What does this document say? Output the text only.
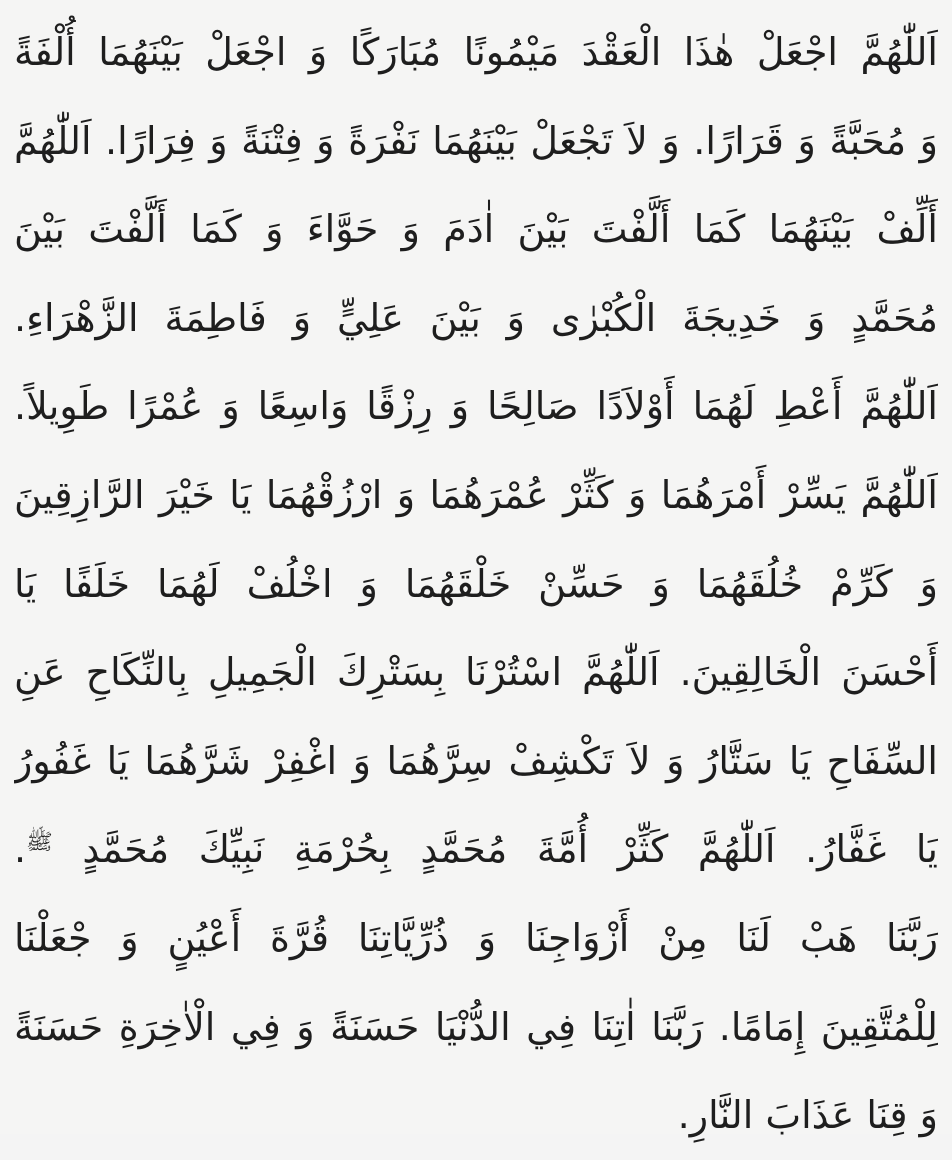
اَللّٰهُمَّ اجْعَلْ هٰذَا الْعَقْدَ مَيْمُونًا مُبَارَكًا وَ اجْعَلْ بَيْنَهُمَا أُلْفَةً
وَ مُحَبَّةً وَ قَرَارًا. وَ لاَ تَجْعَلْ بَيْنَهُمَا نَفْرَةً وَ فِتْنَةً وَ فِرَارًا. اَللّٰهُمَّ
أَلِّفْ بَيْنَهُمَا كَمَا أَلَّفْتَ بَيْنَ اٰدَمَ وَ حَوَّاءَ وَ كَمَا أَلَّفْتَ بَيْنَ
مُحَمَّدٍ وَ خَدِيجَةَ الْكُبْرٰى وَ بَيْنَ عَلِيٍّ وَ فَاطِمَةَ الزَّهْرَاءِ.
اَللّٰهُمَّ أَعْطِ لَهُمَا أَوْلاَدًا صَالِحًا وَ رِزْقًا وَاسِعًا وَ عُمْرًا طَوِيلاً.
اَللّٰهُمَّ يَسِّرْ أَمْرَهُمَا وَ كَثِّرْ عُمْرَهُمَا وَ ارْزُقْهُمَا يَا خَيْرَ الرَّازِقِينَ
وَ كَرِّمْ خُلُقَهُمَا وَ حَسِّنْ خَلْقَهُمَا وَ اخْلُفْ لَهُمَا خَلَفًا يَا
أَحْسَنَ الْخَالِقِينَ. اَللّٰهُمَّ اسْتُرْنَا بِسَتْرِكَ الْجَمِيلِ بِالنِّكَاحِ عَنِ
السِّفَاحِ يَا سَتَّارُ وَ لاَ تَكْشِفْ سِرَّهُمَا وَ اغْفِرْ شَرَّهُمَا يَا غَفُورُ
يَا غَفَّارُ. اَللّٰهُمَّ كَثِّرْ أُمَّةَ مُحَمَّدٍ بِحُرْمَةِ نَبِيِّكَ مُحَمَّدٍ ﷺ.
رَبَّنَا هَبْ لَنَا مِنْ أَزْوَاجِنَا وَ ذُرِّيَّاتِنَا قُرَّةَ أَعْيُنٍ وَ جْعَلْنَا
لِلْمُتَّقِينَ إِمَامًا. رَبَّنَا اٰتِنَا فِي الدُّنْيَا حَسَنَةً وَ فِي الْاٰخِرَةِ حَسَنَةً
وَ قِنَا عَذَابَ النَّارِ.
